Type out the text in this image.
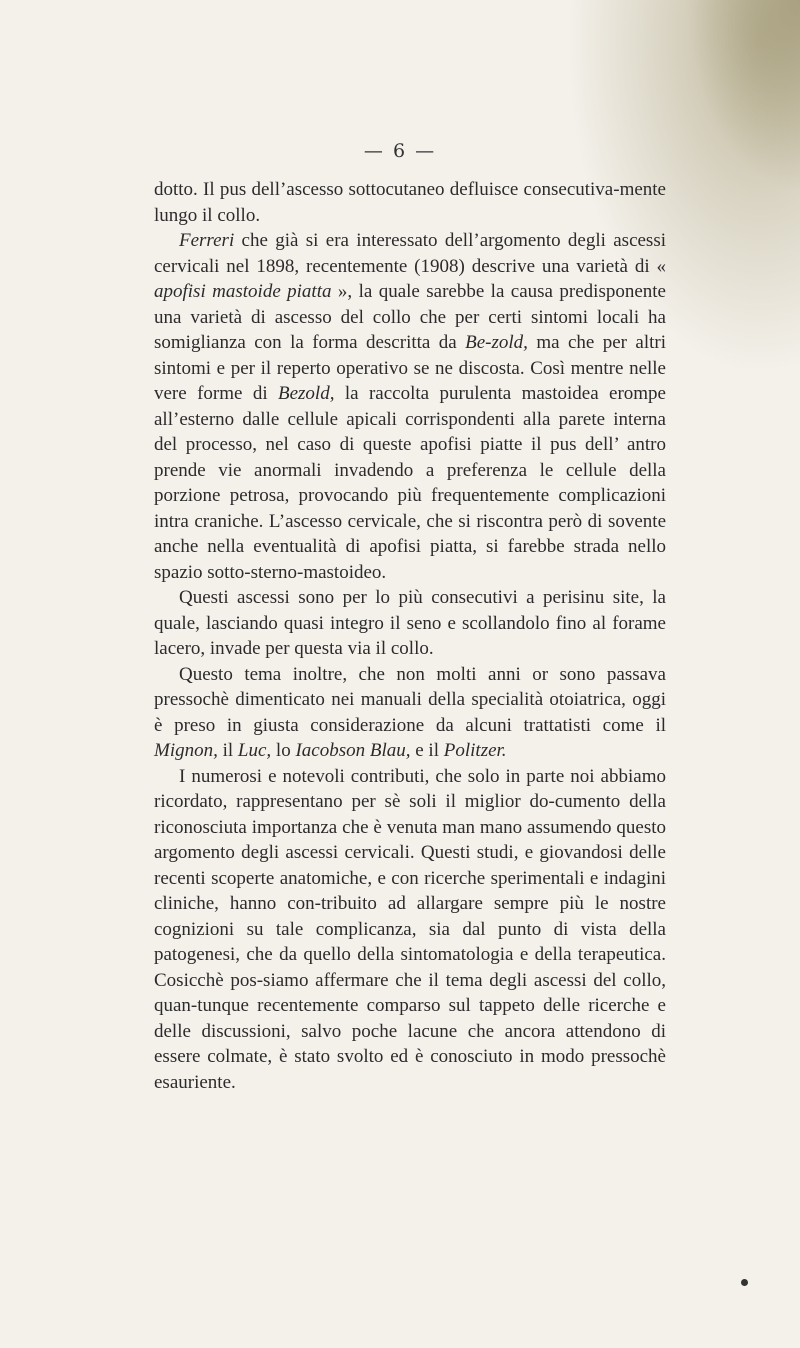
— 6 —

dotto. Il pus dell’ascesso sottocutaneo defluisce consecutiva-mente lungo il collo.

Ferreri che già si era interessato dell’argomento degli ascessi cervicali nel 1898, recentemente (1908) descrive una varietà di « apofisi mastoide piatta », la quale sarebbe la causa predisponente una varietà di ascesso del collo che per certi sintomi locali ha somiglianza con la forma descritta da Be-zold, ma che per altri sintomi e per il reperto operativo se ne discosta. Così mentre nelle vere forme di Bezold, la raccolta purulenta mastoidea erompe all’esterno dalle cellule apicali corrispondenti alla parete interna del processo, nel caso di queste apofisi piatte il pus dell’ antro prende vie anormali invadendo a preferenza le cellule della porzione petrosa, provocando più frequentemente complicazioni intra craniche. L’ascesso cervicale, che si riscontra però di sovente anche nella eventualità di apofisi piatta, si farebbe strada nello spazio sotto-sterno-mastoideo.

Questi ascessi sono per lo più consecutivi a perisinu site, la quale, lasciando quasi integro il seno e scollandolo fino al forame lacero, invade per questa via il collo.

Questo tema inoltre, che non molti anni or sono passava pressochè dimenticato nei manuali della specialità otoiatrica, oggi è preso in giusta considerazione da alcuni trattatisti come il Mignon, il Luc, lo Iacobson Blau, e il Politzer.

I numerosi e notevoli contributi, che solo in parte noi abbiamo ricordato, rappresentano per sè soli il miglior do-cumento della riconosciuta importanza che è venuta man mano assumendo questo argomento degli ascessi cervicali. Questi studi, e giovandosi delle recenti scoperte anatomiche, e con ricerche sperimentali e indagini cliniche, hanno con-tribuito ad allargare sempre più le nostre cognizioni su tale complicanza, sia dal punto di vista della patogenesi, che da quello della sintomatologia e della terapeutica. Cosicchè pos-siamo affermare che il tema degli ascessi del collo, quan-tunque recentemente comparso sul tappeto delle ricerche e delle discussioni, salvo poche lacune che ancora attendono di essere colmate, è stato svolto ed è conosciuto in modo pressochè esauriente.
